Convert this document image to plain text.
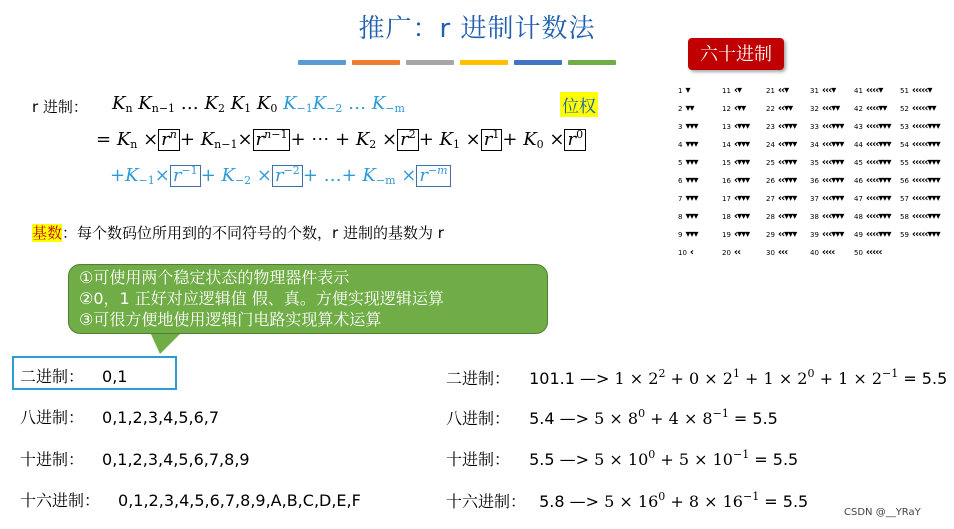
推广：r 进制计数法
r 进制： $K_n$ $K_{n-1}$ … $K_2$ $K_1$ $K_0$ $K_{-1}K_{-2}$ … $K_{-m}$	位权
= $K_n \times r^n + K_{n-1}\times r^{n-1}$ + ⋯ + $K_2 \times r^2 + K_1 \times r^1 + K_0 \times r^0$
$+K_{-1}\times r^{-1} + K_{-2} \times r^{-2}$ + …+ $K_{-m} \times r^{-m}$
基数：每个数码位所用到的不同符号的个数，r 进制的基数为 r
①可使用两个稳定状态的物理器件表示
②0，1 正好对应逻辑值 假、真。方便实现逻辑运算
③可很方便地使用逻辑门电路实现算术运算
六十进制
1 ▾
2 ▾▾
3 ▾▾▾
4 ▾▾▾
5 ▾▾▾
6 ▾▾▾
7 ▾▾▾
8 ▾▾▾
9 ▾▾▾
10 ‹
11 ‹▾
12 ‹▾▾
13 ‹▾▾▾
14 ‹▾▾▾
15 ‹▾▾▾
16 ‹▾▾▾
17 ‹▾▾▾
18 ‹▾▾▾
19 ‹▾▾▾
20 ‹‹
21 ‹‹▾
22 ‹‹▾▾
23 ‹‹▾▾▾
24 ‹‹▾▾▾
25 ‹‹▾▾▾
26 ‹‹▾▾▾
27 ‹‹▾▾▾
28 ‹‹▾▾▾
29 ‹‹▾▾▾
30 ‹‹‹
31 ‹‹‹▾
32 ‹‹‹▾▾
33 ‹‹‹▾▾▾
34 ‹‹‹▾▾▾
35 ‹‹‹▾▾▾
36 ‹‹‹▾▾▾
37 ‹‹‹▾▾▾
38 ‹‹‹▾▾▾
39 ‹‹‹▾▾▾
40 ‹‹‹‹
41 ‹‹‹‹▾
42 ‹‹‹‹▾▾
43 ‹‹‹‹▾▾▾
44 ‹‹‹‹▾▾▾
45 ‹‹‹‹▾▾▾
46 ‹‹‹‹▾▾▾
47 ‹‹‹‹▾▾▾
48 ‹‹‹‹▾▾▾
49 ‹‹‹‹▾▾▾
50 ‹‹‹‹‹
51 ‹‹‹‹‹▾
52 ‹‹‹‹‹▾▾
53 ‹‹‹‹‹▾▾▾
54 ‹‹‹‹‹▾▾▾
55 ‹‹‹‹‹▾▾▾
56 ‹‹‹‹‹▾▾▾
57 ‹‹‹‹‹▾▾▾
58 ‹‹‹‹‹▾▾▾
59 ‹‹‹‹‹▾▾▾
二进制： 0,1
八进制： 0,1,2,3,4,5,6,7
十进制： 0,1,2,3,4,5,6,7,8,9
十六进制： 0,1,2,3,4,5,6,7,8,9,A,B,C,D,E,F
二进制： 101.1 —> $1 \times 2^2 + 0 \times 2^1 + 1 \times 2^0 + 1 \times 2^{-1} = 5.5$
八进制： 5.4 —> $5 \times 8^0 + 4 \times 8^{-1} = 5.5$
十进制： 5.5 —> $5 \times 10^0 + 5 \times 10^{-1} = 5.5$
十六进制： 5.8 —> $5 \times 16^0 + 8 \times 16^{-1} = 5.5$
CSDN @__YRaY
